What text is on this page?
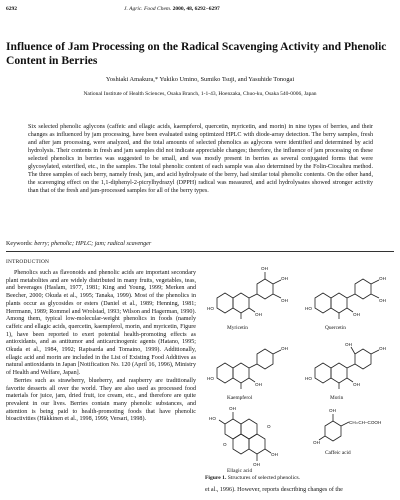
6292	J. Agric. Food Chem. 2000, 48, 6292−6297
Influence of Jam Processing on the Radical Scavenging Activity and Phenolic Content in Berries
Yoshiaki Amakura,* Yukiko Umino, Sumiko Tsuji, and Yasuhide Tonogai
National Institute of Health Sciences, Osaka Branch, 1-1-43, Hoenzaka, Chuo-ku, Osaka 540-0006, Japan

Six selected phenolic aglycons (caffeic and ellagic acids, kaempferol, quercetin, myricetin, and morin) in nine types of berries, and their changes as influenced by jam processing, have been evaluated using optimized HPLC with diode-array detection. The berry samples, fresh and after jam processing, were analyzed, and the total amounts of selected phenolics as aglycons were identified and determined by acid hydrolysis. Their contents in fresh and jam samples did not indicate appreciable changes; therefore, the influence of jam processing on these selected phenolics in berries was suggested to be small, and was mostly present in berries as several conjugated forms that were glycosylated, esterified, etc., in the samples. The total phenolic content of each sample was also determined by the Folin-Ciocalteu method. The three samples of each berry, namely fresh, jam, and acid hydrolysate of the berry, had similar total phenolic contents. On the other hand, the scavenging effect on the 1,1-diphenyl-2-picrylhydrazyl (DPPH) radical was measured, and acid hydrolysates showed stronger activity than that of the fresh and jam-processed samples for all of the berry types.

Keywords: berry; phenolic; HPLC; jam; radical scavenger
INTRODUCTION

Phenolics such as flavonoids and phenolic acids are important secondary plant metabolites and are widely distributed in many fruits, vegetables, teas, and beverages (Haslam, 1977, 1981; King and Young, 1999; Merken and Beecher, 2000; Okuda et al., 1995; Tanaka, 1999). Most of the phenolics in plants occur as glycosides or esters (Daniel et al., 1989; Henning, 1981; Herrmann, 1989; Rommel and Wrolstad, 1993; Wilson and Hagerman, 1990). Among them, typical low-molecular-weight phenolics in foods (namely caffeic and ellagic acids, quercetin, kaempferol, morin, and myricetin, Figure 1), have been reported to exert potential health-promoting effects as antioxidants, and as antitumor and anticarcinogenic agents (Hatano, 1995; Okuda et al., 1984, 1992; Rapisarda and Tomaino, 1999). Additionally, ellagic acid and morin are included in the List of Existing Food Additives as natural antioxidants in Japan [Notification No. 120 (April 16, 1996), Ministry of Health and Welfare, Japan].

Berries such as strawberry, blueberry, and raspberry are traditionally favorite desserts all over the world. They are also used as processed food materials for juice, jam, dried fruit, ice cream, etc., and therefore are quite prevalent in our lives. Berries contain many phenolic substances, and attention is being paid to health-promoting foods that have phenolic bioactivities (Häkkinen et al., 1998, 1999; Versari, 1998).

OH
OH
OH
HO
OH
OH
OH
HO
OH
OH
HO
OH
OH
OH
HO
OH
OH
HO
O
O
OH
OH
CH=CH–COOH
OH
OH
Myricetin	Quercetin
Kaempferol	Morin
Ellagic acid
Caffeic acid
Figure 1. Structures of selected phenolics.
et al., 1996). However, reports describing changes of the
